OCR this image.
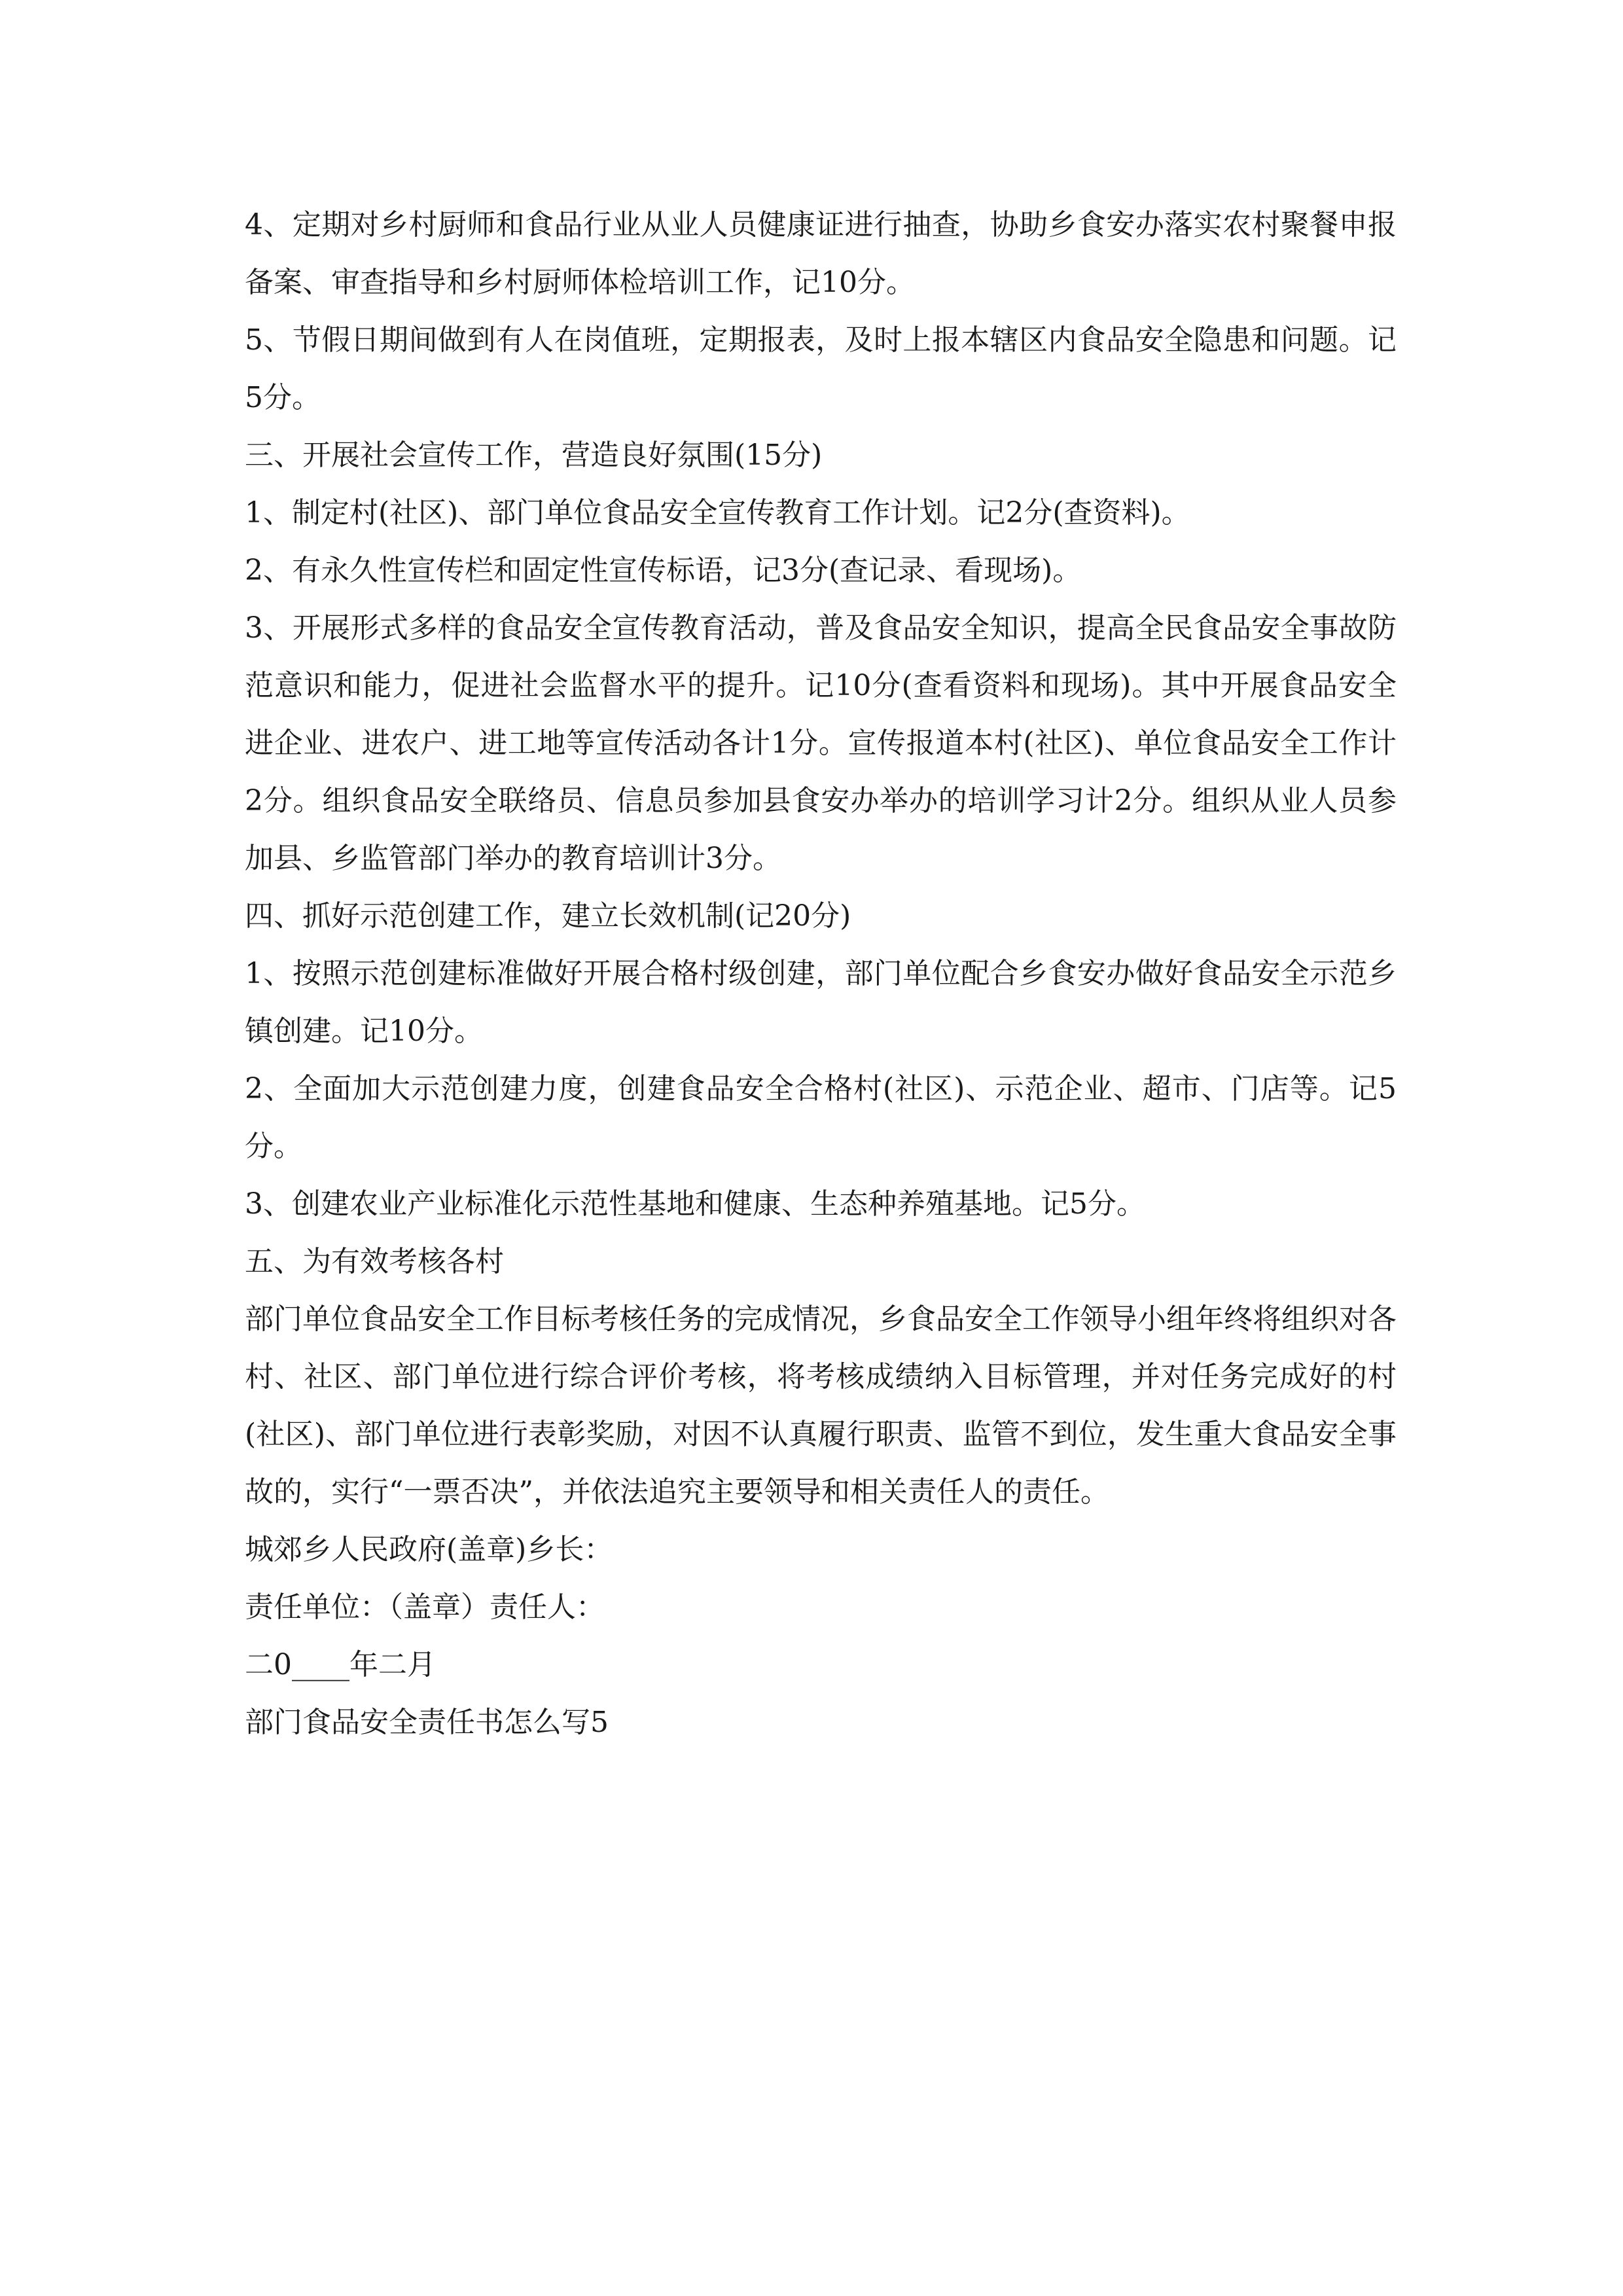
4、定期对乡村厨师和食品行业从业人员健康证进行抽查，协助乡食安办落实农村聚餐申报备案、审查指导和乡村厨师体检培训工作，记10分。

5、节假日期间做到有人在岗值班，定期报表，及时上报本辖区内食品安全隐患和问题。记5分。

三、开展社会宣传工作，营造良好氛围(15分)

1、制定村(社区)、部门单位食品安全宣传教育工作计划。记2分(查资料)。

2、有永久性宣传栏和固定性宣传标语，记3分(查记录、看现场)。

3、开展形式多样的食品安全宣传教育活动，普及食品安全知识，提高全民食品安全事故防范意识和能力，促进社会监督水平的提升。记10分(查看资料和现场)。其中开展食品安全进企业、进农户、进工地等宣传活动各计1分。宣传报道本村(社区)、单位食品安全工作计2分。组织食品安全联络员、信息员参加县食安办举办的培训学习计2分。组织从业人员参加县、乡监管部门举办的教育培训计3分。

四、抓好示范创建工作，建立长效机制(记20分)

1、按照示范创建标准做好开展合格村级创建，部门单位配合乡食安办做好食品安全示范乡镇创建。记10分。

2、全面加大示范创建力度，创建食品安全合格村(社区)、示范企业、超市、门店等。记5分。

3、创建农业产业标准化示范性基地和健康、生态种养殖基地。记5分。

五、为有效考核各村

部门单位食品安全工作目标考核任务的完成情况，乡食品安全工作领导小组年终将组织对各村、社区、部门单位进行综合评价考核，将考核成绩纳入目标管理，并对任务完成好的村(社区)、部门单位进行表彰奖励，对因不认真履行职责、监管不到位，发生重大食品安全事故的，实行“一票否决”，并依法追究主要领导和相关责任人的责任。

城郊乡人民政府(盖章)乡长：

责任单位：（盖章）责任人：

二0____年二月

部门食品安全责任书怎么写5
